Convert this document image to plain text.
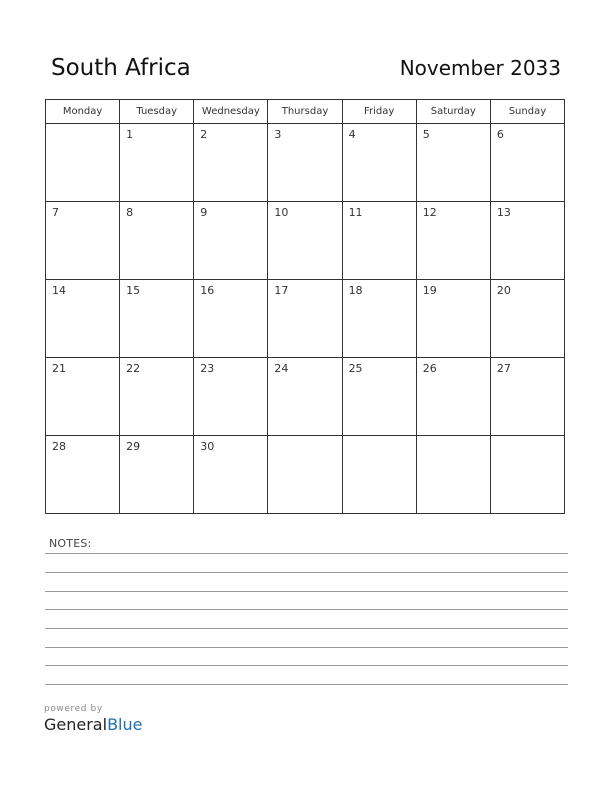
South Africa	November 2033
Monday	Tuesday	Wednesday	Thursday	Friday	Saturday	Sunday

	1	2	3	4	5	6

7	8	9	10	11	12	13

14	15	16	17	18	19	20

21	22	23	24	25	26	27

28	29	30				

NOTES:
powered by
GeneralBlue
